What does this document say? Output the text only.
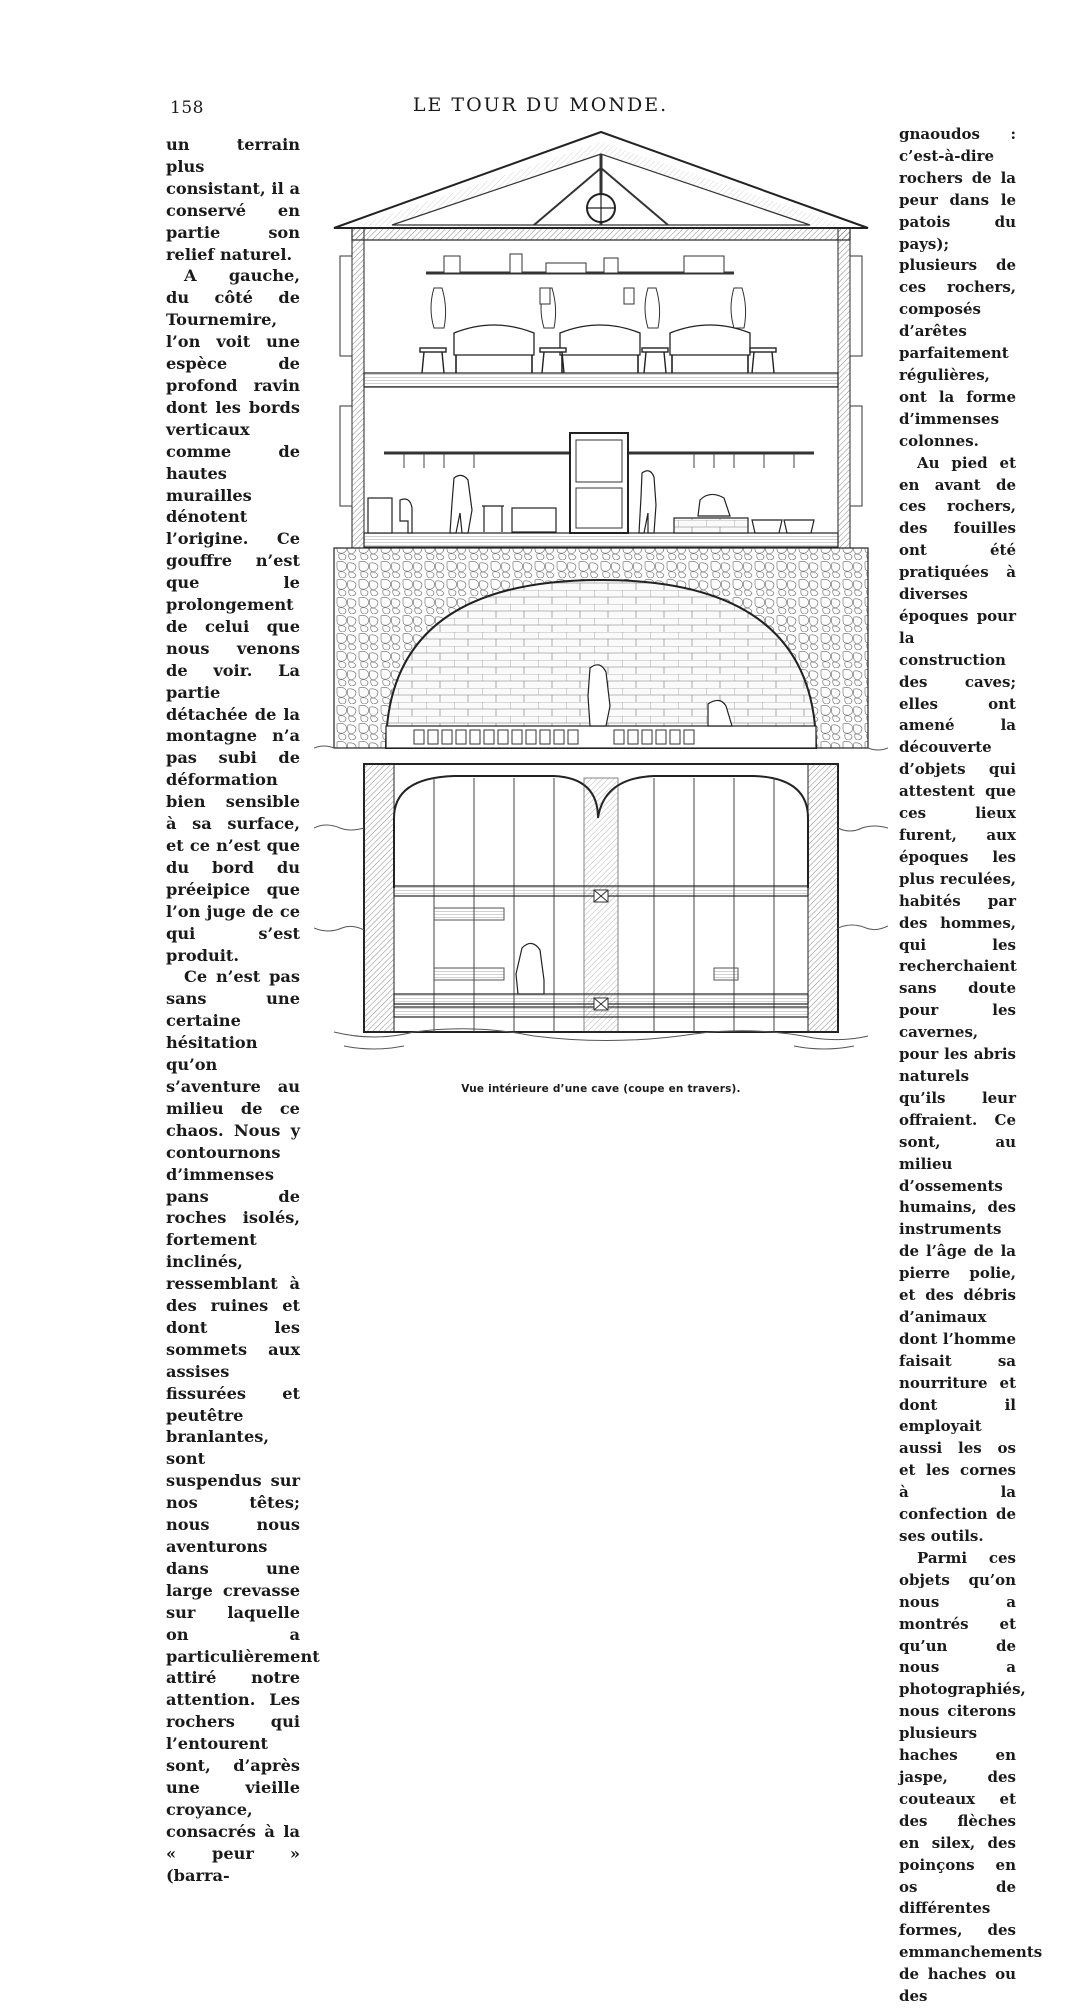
158	LE TOUR DU MONDE.

un terrain plus consistant, il a conservé en partie son relief naturel.

A gauche, du côté de Tournemire, l’on voit une espèce de profond ravin dont les bords verticaux comme de hautes murailles dénotent l’origine. Ce gouffre n’est que le prolongement de celui que nous venons de voir. La partie détachée de la montagne n’a pas subi de déformation bien sensible à sa surface, et ce n’est que du bord du préeipice que l’on juge de ce qui s’est produit.

Ce n’est pas sans une certaine hésitation qu’on s’aventure au milieu de ce chaos. Nous y contournons d’immenses pans de roches isolés, fortement inclinés, ressemblant à des ruines et dont les sommets aux assises fissurées et peutêtre branlantes, sont suspendus sur nos têtes; nous nous aventurons dans une large crevasse sur laquelle on a particulièrement attiré notre attention. Les rochers qui l’entourent sont, d’après une vieille croyance, consacrés à la « peur » (barra-

gnaoudos : c’est-à-dire rochers de la peur dans le patois du pays); plusieurs de ces rochers, composés d’arêtes parfaitement régulières, ont la forme d’immenses colonnes.

Au pied et en avant de ces rochers, des fouilles ont été pratiquées à diverses époques pour la construction des caves; elles ont amené la découverte d’objets qui attestent que ces lieux furent, aux époques les plus reculées, habités par des hommes, qui les recherchaient sans doute pour les cavernes, pour les abris naturels qu’ils leur offraient. Ce sont, au milieu d’ossements humains, des instruments de l’âge de la pierre polie, et des débris d’animaux dont l’homme faisait sa nourriture et dont il employait aussi les os et les cornes à la confection de ses outils.

Parmi ces objets qu’on nous a montrés et qu’un de nous a photographiés, nous citerons plusieurs haches en jaspe, des couteaux et des flèches en silex, des poinçons en os de différentes formes, des emmanchements de haches ou des

Vue intérieure d’une cave (coupe en travers).
